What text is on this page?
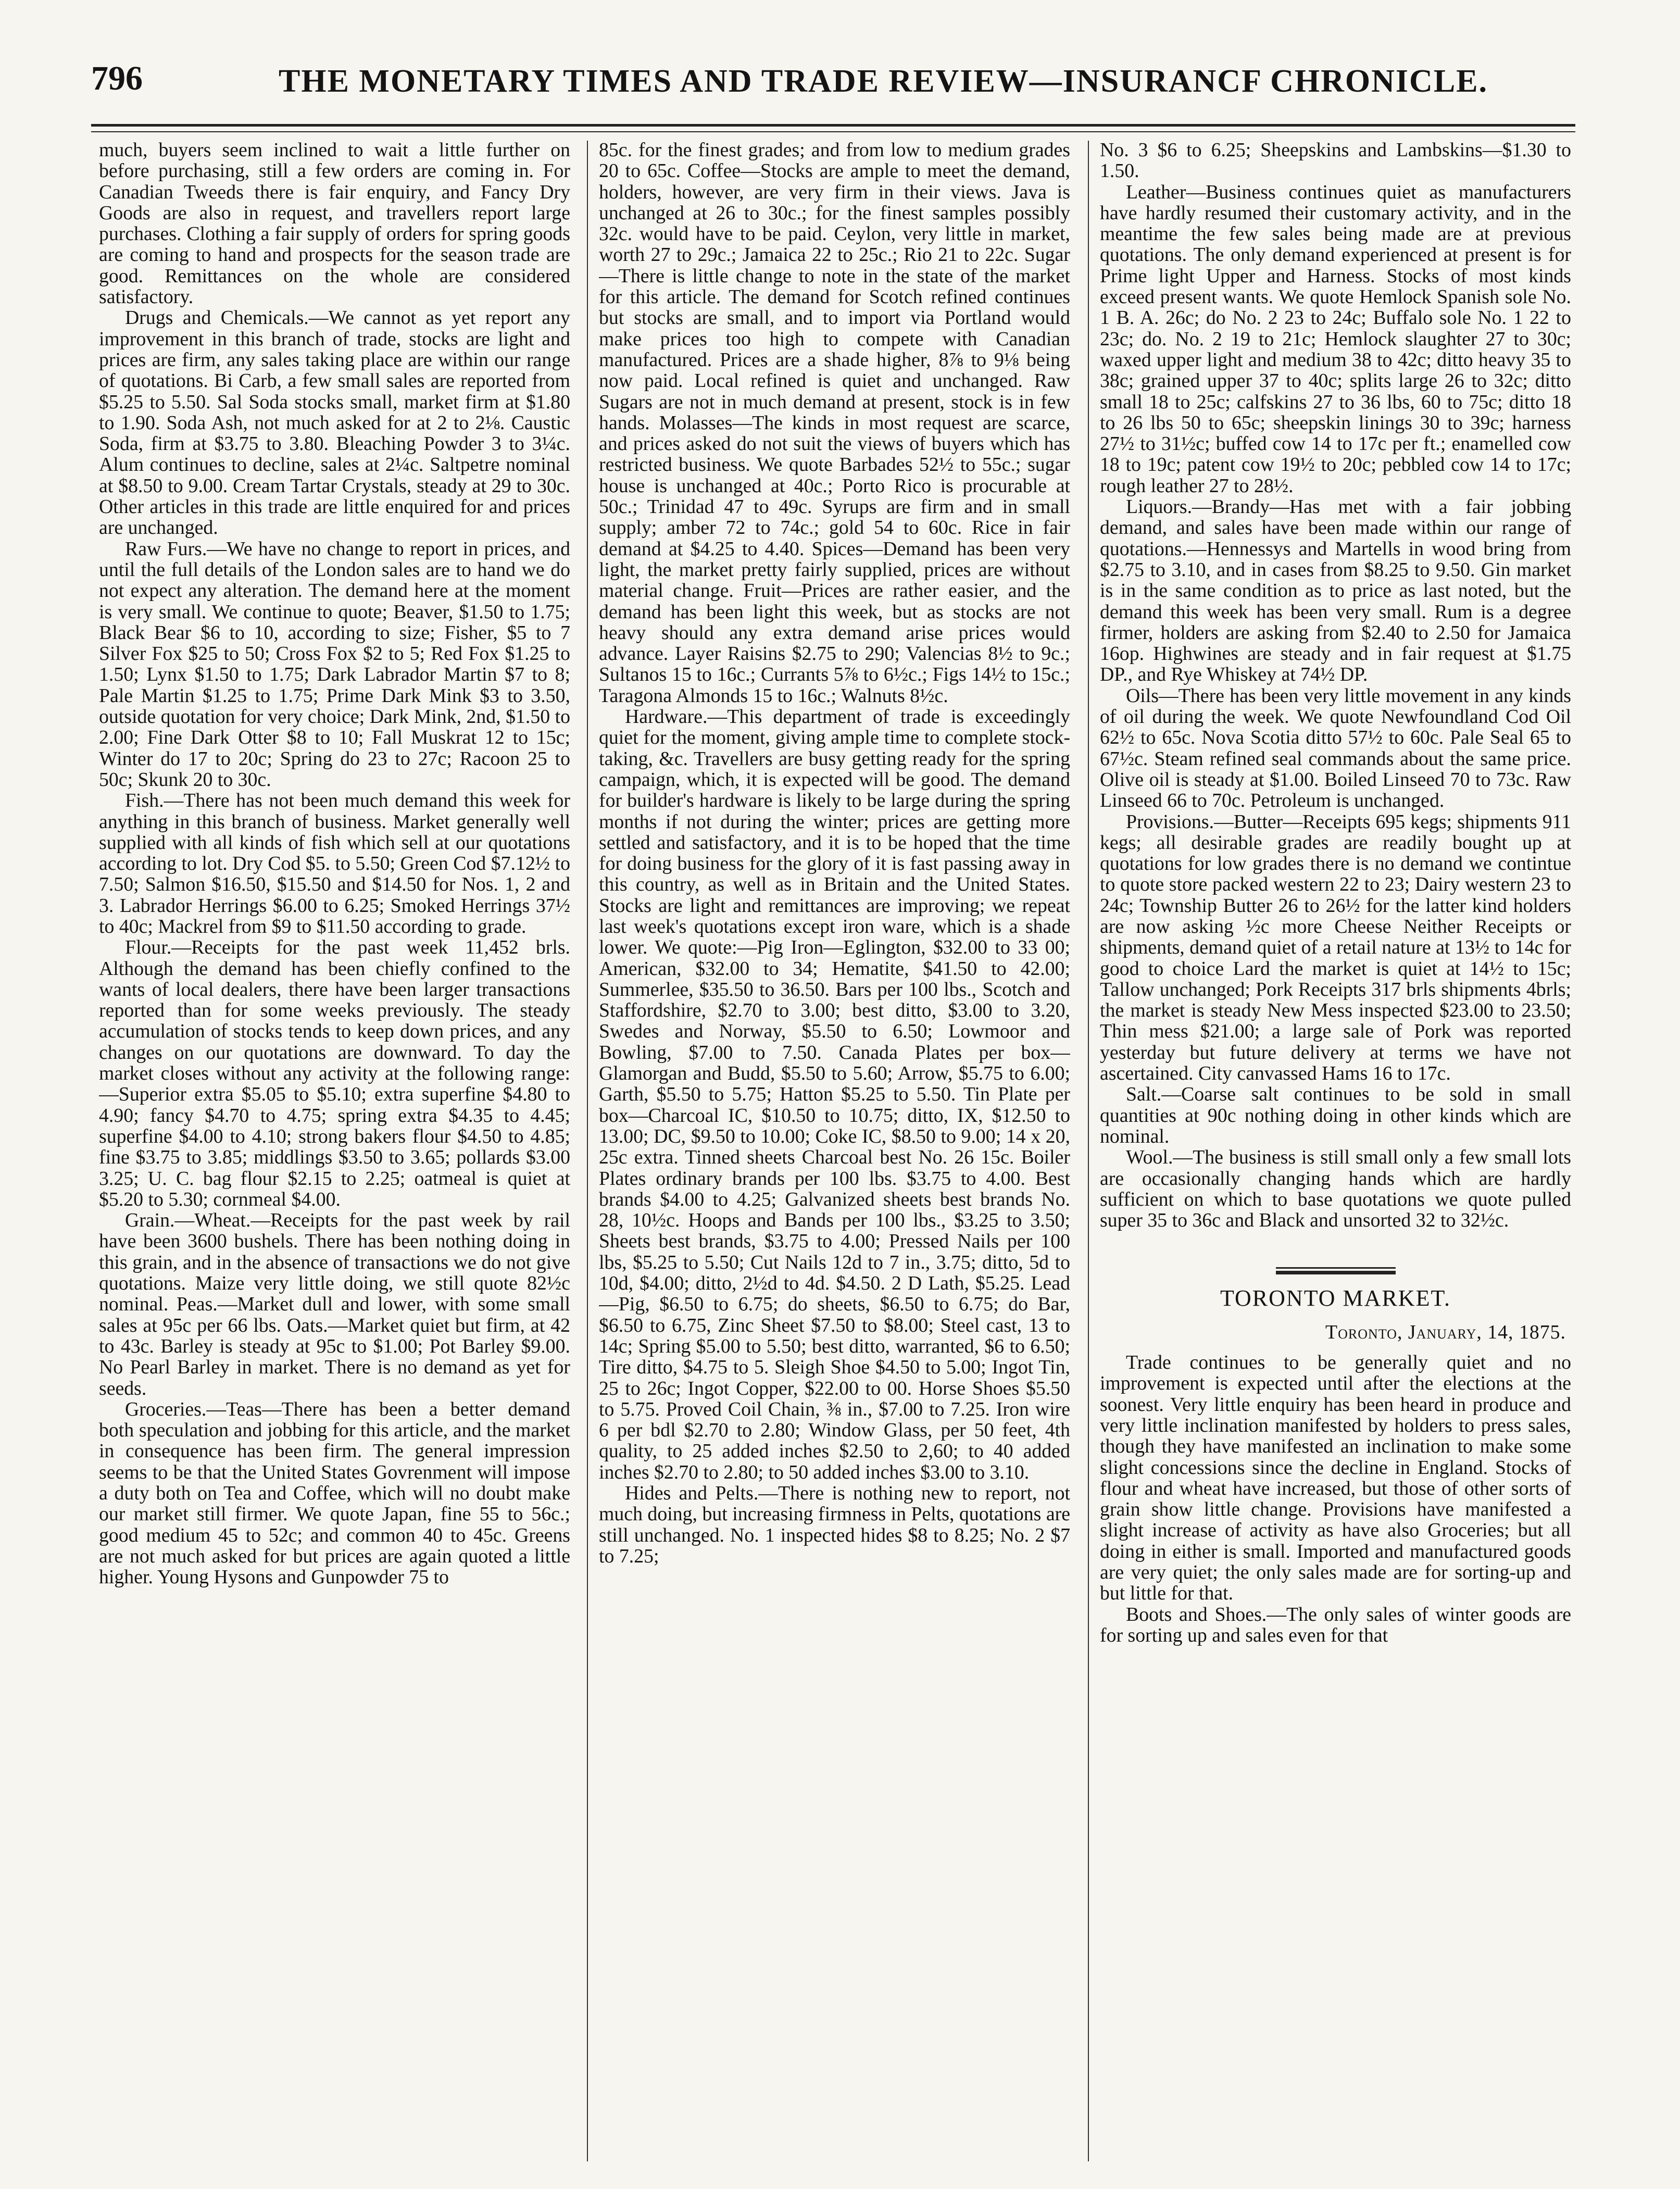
796	THE MONETARY TIMES AND TRADE REVIEW—INSURANCF CHRONICLE.

much, buyers seem inclined to wait a little further on before purchasing, still a few orders are coming in. For Canadian Tweeds there is fair enquiry, and Fancy Dry Goods are also in request, and travellers report large purchases. Clothing a fair supply of orders for spring goods are coming to hand and prospects for the season trade are good. Remittances on the whole are considered satisfactory.

Drugs and Chemicals.—We cannot as yet report any improvement in this branch of trade, stocks are light and prices are firm, any sales taking place are within our range of quotations. Bi Carb, a few small sales are reported from $5.25 to 5.50. Sal Soda stocks small, market firm at $1.80 to 1.90. Soda Ash, not much asked for at 2 to 2⅛. Caustic Soda, firm at $3.75 to 3.80. Bleaching Powder 3 to 3¼c. Alum continues to decline, sales at 2¼c. Saltpetre nominal at $8.50 to 9.00. Cream Tartar Crystals, steady at 29 to 30c. Other articles in this trade are little enquired for and prices are unchanged.

Raw Furs.—We have no change to report in prices, and until the full details of the London sales are to hand we do not expect any alteration. The demand here at the moment is very small. We continue to quote; Beaver, $1.50 to 1.75; Black Bear $6 to 10, according to size; Fisher, $5 to 7 Silver Fox $25 to 50; Cross Fox $2 to 5; Red Fox $1.25 to 1.50; Lynx $1.50 to 1.75; Dark Labrador Martin $7 to 8; Pale Martin $1.25 to 1.75; Prime Dark Mink $3 to 3.50, outside quotation for very choice; Dark Mink, 2nd, $1.50 to 2.00; Fine Dark Otter $8 to 10; Fall Muskrat 12 to 15c; Winter do 17 to 20c; Spring do 23 to 27c; Racoon 25 to 50c; Skunk 20 to 30c.

Fish.—There has not been much demand this week for anything in this branch of business. Market generally well supplied with all kinds of fish which sell at our quotations according to lot. Dry Cod $5. to 5.50; Green Cod $7.12½ to 7.50; Salmon $16.50, $15.50 and $14.50 for Nos. 1, 2 and 3. Labrador Herrings $6.00 to 6.25; Smoked Herrings 37½ to 40c; Mackrel from $9 to $11.50 according to grade.

Flour.—Receipts for the past week 11,452 brls. Although the demand has been chiefly confined to the wants of local dealers, there have been larger transactions reported than for some weeks previously. The steady accumulation of stocks tends to keep down prices, and any changes on our quotations are downward. To day the market closes without any activity at the following range:—Superior extra $5.05 to $5.10; extra superfine $4.80 to 4.90; fancy $4.70 to 4.75; spring extra $4.35 to 4.45; superfine $4.00 to 4.10; strong bakers flour $4.50 to 4.85; fine $3.75 to 3.85; middlings $3.50 to 3.65; pollards $3.00 3.25; U. C. bag flour $2.15 to 2.25; oatmeal is quiet at $5.20 to 5.30; cornmeal $4.00.

Grain.—Wheat.—Receipts for the past week by rail have been 3600 bushels. There has been nothing doing in this grain, and in the absence of transactions we do not give quotations. Maize very little doing, we still quote 82½c nominal. Peas.—Market dull and lower, with some small sales at 95c per 66 lbs. Oats.—Market quiet but firm, at 42 to 43c. Barley is steady at 95c to $1.00; Pot Barley $9.00. No Pearl Barley in market. There is no demand as yet for seeds.

Groceries.—Teas—There has been a better demand both speculation and jobbing for this article, and the market in consequence has been firm. The general impression seems to be that the United States Govrenment will impose a duty both on Tea and Coffee, which will no doubt make our market still firmer. We quote Japan, fine 55 to 56c.; good medium 45 to 52c; and common 40 to 45c. Greens are not much asked for but prices are again quoted a little higher. Young Hysons and Gunpowder 75 to

85c. for the finest grades; and from low to medium grades 20 to 65c. Coffee—Stocks are ample to meet the demand, holders, however, are very firm in their views. Java is unchanged at 26 to 30c.; for the finest samples possibly 32c. would have to be paid. Ceylon, very little in market, worth 27 to 29c.; Jamaica 22 to 25c.; Rio 21 to 22c. Sugar—There is little change to note in the state of the market for this article. The demand for Scotch refined continues but stocks are small, and to import via Portland would make prices too high to compete with Canadian manufactured. Prices are a shade higher, 8⅞ to 9⅛ being now paid. Local refined is quiet and unchanged. Raw Sugars are not in much demand at present, stock is in few hands. Molasses—The kinds in most request are scarce, and prices asked do not suit the views of buyers which has restricted business. We quote Barbades 52½ to 55c.; sugar house is unchanged at 40c.; Porto Rico is procurable at 50c.; Trinidad 47 to 49c. Syrups are firm and in small supply; amber 72 to 74c.; gold 54 to 60c. Rice in fair demand at $4.25 to 4.40. Spices—Demand has been very light, the market pretty fairly supplied, prices are without material change. Fruit—Prices are rather easier, and the demand has been light this week, but as stocks are not heavy should any extra demand arise prices would advance. Layer Raisins $2.75 to 290; Valencias 8½ to 9c.; Sultanos 15 to 16c.; Currants 5⅞ to 6½c.; Figs 14½ to 15c.; Taragona Almonds 15 to 16c.; Walnuts 8½c.

Hardware.—This department of trade is exceedingly quiet for the moment, giving ample time to complete stock-taking, &c. Travellers are busy getting ready for the spring campaign, which, it is expected will be good. The demand for builder's hardware is likely to be large during the spring months if not during the winter; prices are getting more settled and satisfactory, and it is to be hoped that the time for doing business for the glory of it is fast passing away in this country, as well as in Britain and the United States. Stocks are light and remittances are improving; we repeat last week's quotations except iron ware, which is a shade lower. We quote:—Pig Iron—Eglington, $32.00 to 33 00; American, $32.00 to 34; Hematite, $41.50 to 42.00; Summerlee, $35.50 to 36.50. Bars per 100 lbs., Scotch and Staffordshire, $2.70 to 3.00; best ditto, $3.00 to 3.20, Swedes and Norway, $5.50 to 6.50; Lowmoor and Bowling, $7.00 to 7.50. Canada Plates per box—Glamorgan and Budd, $5.50 to 5.60; Arrow, $5.75 to 6.00; Garth, $5.50 to 5.75; Hatton $5.25 to 5.50. Tin Plate per box—Charcoal IC, $10.50 to 10.75; ditto, IX, $12.50 to 13.00; DC, $9.50 to 10.00; Coke IC, $8.50 to 9.00; 14 x 20, 25c extra. Tinned sheets Charcoal best No. 26 15c. Boiler Plates ordinary brands per 100 lbs. $3.75 to 4.00. Best brands $4.00 to 4.25; Galvanized sheets best brands No. 28, 10½c. Hoops and Bands per 100 lbs., $3.25 to 3.50; Sheets best brands, $3.75 to 4.00; Pressed Nails per 100 lbs, $5.25 to 5.50; Cut Nails 12d to 7 in., 3.75; ditto, 5d to 10d, $4.00; ditto, 2½d to 4d. $4.50. 2 D Lath, $5.25. Lead—Pig, $6.50 to 6.75; do sheets, $6.50 to 6.75; do Bar, $6.50 to 6.75, Zinc Sheet $7.50 to $8.00; Steel cast, 13 to 14c; Spring $5.00 to 5.50; best ditto, warranted, $6 to 6.50; Tire ditto, $4.75 to 5. Sleigh Shoe $4.50 to 5.00; Ingot Tin, 25 to 26c; Ingot Copper, $22.00 to 00. Horse Shoes $5.50 to 5.75. Proved Coil Chain, ⅜ in., $7.00 to 7.25. Iron wire 6 per bdl $2.70 to 2.80; Window Glass, per 50 feet, 4th quality, to 25 added inches $2.50 to 2,60; to 40 added inches $2.70 to 2.80; to 50 added inches $3.00 to 3.10.

Hides and Pelts.—There is nothing new to report, not much doing, but increasing firmness in Pelts, quotations are still unchanged. No. 1 inspected hides $8 to 8.25; No. 2 $7 to 7.25;

No. 3 $6 to 6.25; Sheepskins and Lambskins—$1.30 to 1.50.

Leather—Business continues quiet as manufacturers have hardly resumed their customary activity, and in the meantime the few sales being made are at previous quotations. The only demand experienced at present is for Prime light Upper and Harness. Stocks of most kinds exceed present wants. We quote Hemlock Spanish sole No. 1 B. A. 26c; do No. 2 23 to 24c; Buffalo sole No. 1 22 to 23c; do. No. 2 19 to 21c; Hemlock slaughter 27 to 30c; waxed upper light and medium 38 to 42c; ditto heavy 35 to 38c; grained upper 37 to 40c; splits large 26 to 32c; ditto small 18 to 25c; calfskins 27 to 36 lbs, 60 to 75c; ditto 18 to 26 lbs 50 to 65c; sheepskin linings 30 to 39c; harness 27½ to 31½c; buffed cow 14 to 17c per ft.; enamelled cow 18 to 19c; patent cow 19½ to 20c; pebbled cow 14 to 17c; rough leather 27 to 28½.

Liquors.—Brandy—Has met with a fair jobbing demand, and sales have been made within our range of quotations.—Hennessys and Martells in wood bring from $2.75 to 3.10, and in cases from $8.25 to 9.50. Gin market is in the same condition as to price as last noted, but the demand this week has been very small. Rum is a degree firmer, holders are asking from $2.40 to 2.50 for Jamaica 16op. Highwines are steady and in fair request at $1.75 DP., and Rye Whiskey at 74½ DP.

Oils—There has been very little movement in any kinds of oil during the week. We quote Newfoundland Cod Oil 62½ to 65c. Nova Scotia ditto 57½ to 60c. Pale Seal 65 to 67½c. Steam refined seal commands about the same price. Olive oil is steady at $1.00. Boiled Linseed 70 to 73c. Raw Linseed 66 to 70c. Petroleum is unchanged.

Provisions.—Butter—Receipts 695 kegs; shipments 911 kegs; all desirable grades are readily bought up at quotations for low grades there is no demand we contintue to quote store packed western 22 to 23; Dairy western 23 to 24c; Township Butter 26 to 26½ for the latter kind holders are now asking ½c more Cheese Neither Receipts or shipments, demand quiet of a retail nature at 13½ to 14c for good to choice Lard the market is quiet at 14½ to 15c; Tallow unchanged; Pork Receipts 317 brls shipments 4brls; the market is steady New Mess inspected $23.00 to 23.50; Thin mess $21.00; a large sale of Pork was reported yesterday but future delivery at terms we have not ascertained. City canvassed Hams 16 to 17c.

Salt.—Coarse salt continues to be sold in small quantities at 90c nothing doing in other kinds which are nominal.

Wool.—The business is still small only a few small lots are occasionally changing hands which are hardly sufficient on which to base quotations we quote pulled super 35 to 36c and Black and unsorted 32 to 32½c.

TORONTO MARKET.
Toronto, January, 14, 1875.

Trade continues to be generally quiet and no improvement is expected until after the elections at the soonest. Very little enquiry has been heard in produce and very little inclination manifested by holders to press sales, though they have manifested an inclination to make some slight concessions since the decline in England. Stocks of flour and wheat have increased, but those of other sorts of grain show little change. Provisions have manifested a slight increase of activity as have also Groceries; but all doing in either is small. Imported and manufactured goods are very quiet; the only sales made are for sorting-up and but little for that.

Boots and Shoes.—The only sales of winter goods are for sorting up and sales even for that
